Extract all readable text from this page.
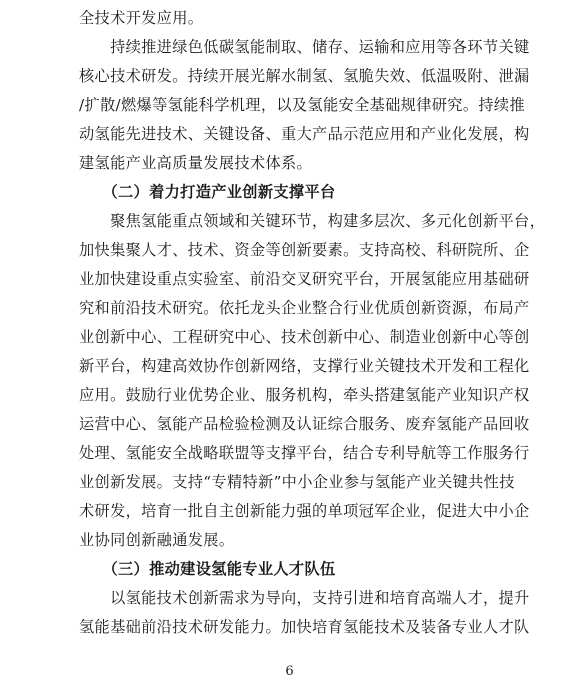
全技术开发应用。
　　持续推进绿色低碳氢能制取、储存、运输和应用等各环节关键
核心技术研发。持续开展光解水制氢、氢脆失效、低温吸附、泄漏
/扩散/燃爆等氢能科学机理，以及氢能安全基础规律研究。持续推
动氢能先进技术、关键设备、重大产品示范应用和产业化发展，构
建氢能产业高质量发展技术体系。
　　（二）着力打造产业创新支撑平台
　　聚焦氢能重点领域和关键环节，构建多层次、多元化创新平台，
加快集聚人才、技术、资金等创新要素。支持高校、科研院所、企
业加快建设重点实验室、前沿交叉研究平台，开展氢能应用基础研
究和前沿技术研究。依托龙头企业整合行业优质创新资源，布局产
业创新中心、工程研究中心、技术创新中心、制造业创新中心等创
新平台，构建高效协作创新网络，支撑行业关键技术开发和工程化
应用。鼓励行业优势企业、服务机构，牵头搭建氢能产业知识产权
运营中心、氢能产品检验检测及认证综合服务、废弃氢能产品回收
处理、氢能安全战略联盟等支撑平台，结合专利导航等工作服务行
业创新发展。支持“专精特新”中小企业参与氢能产业关键共性技
术研发，培育一批自主创新能力强的单项冠军企业，促进大中小企
业协同创新融通发展。
　　（三）推动建设氢能专业人才队伍
　　以氢能技术创新需求为导向，支持引进和培育高端人才，提升
氢能基础前沿技术研发能力。加快培育氢能技术及装备专业人才队
6
